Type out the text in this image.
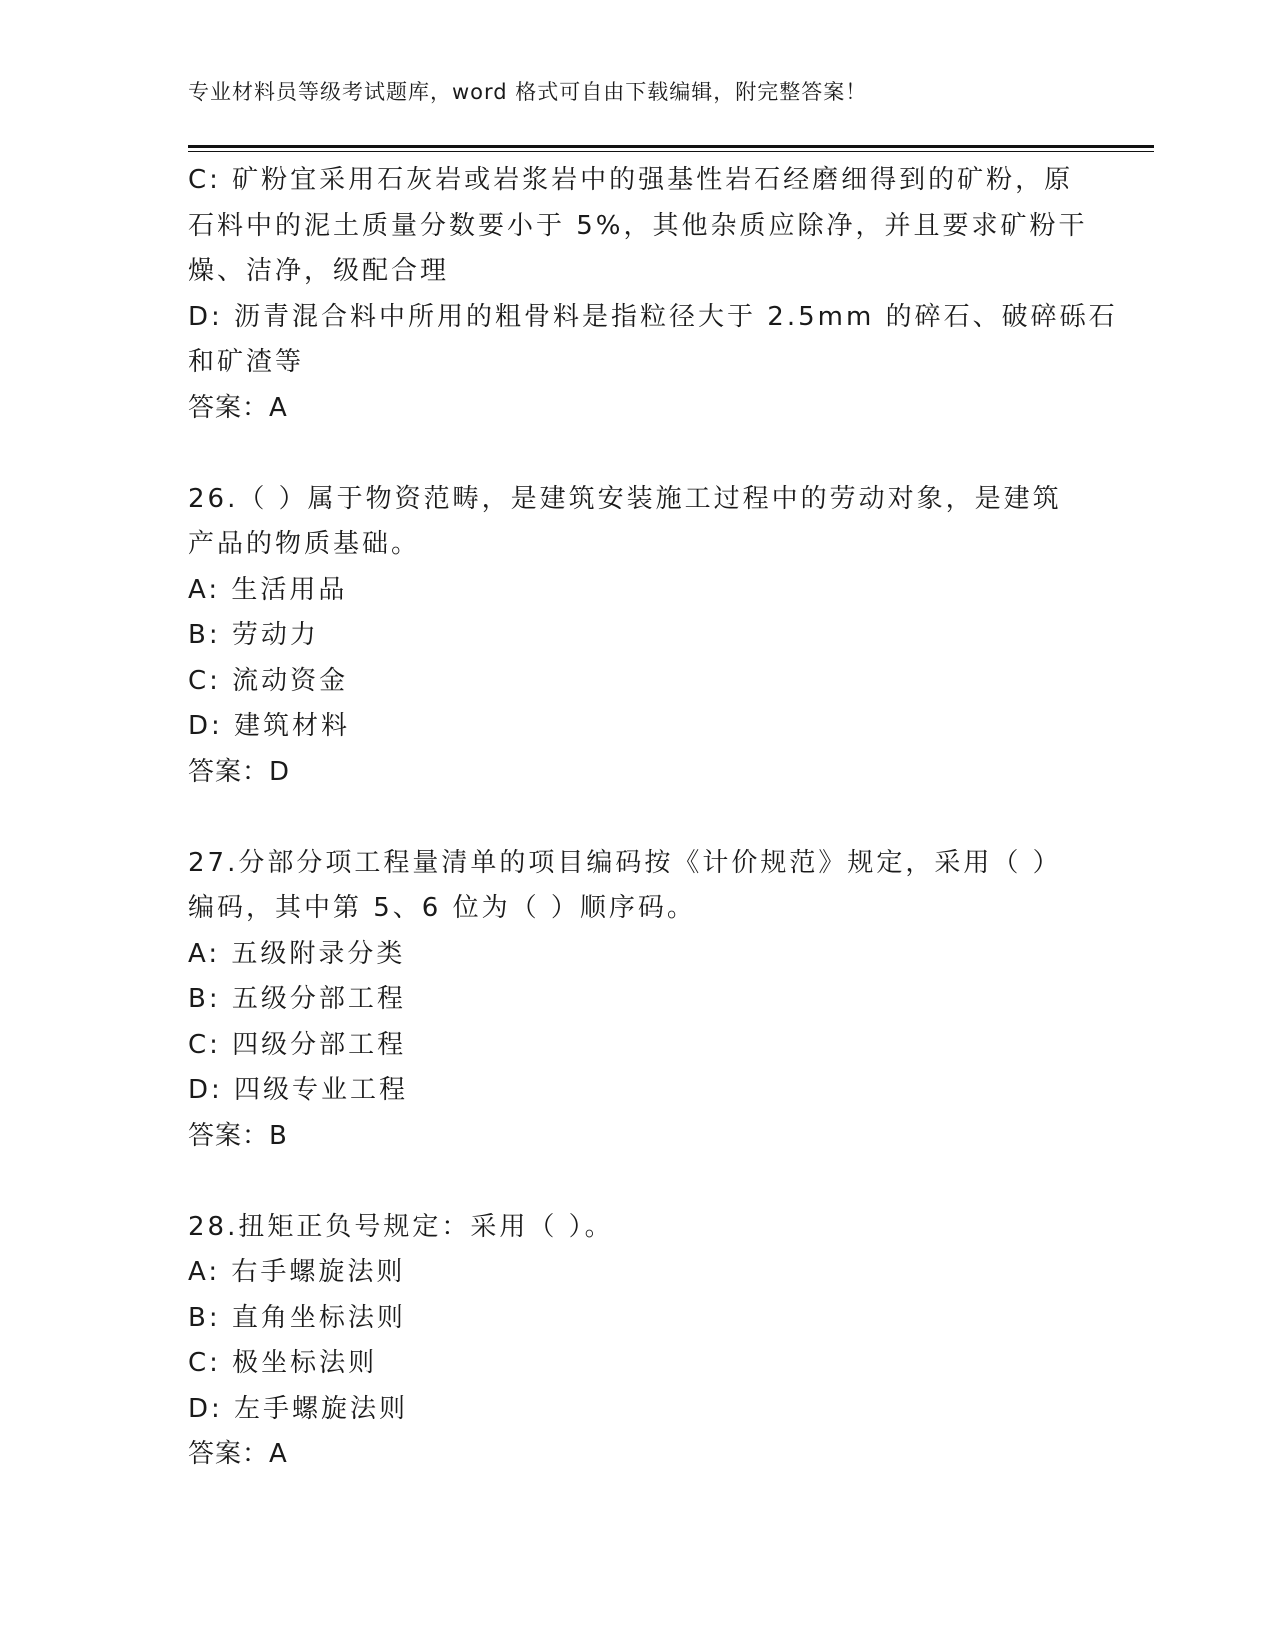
专业材料员等级考试题库，word 格式可自由下载编辑，附完整答案！
C: 矿粉宜采用石灰岩或岩浆岩中的强基性岩石经磨细得到的矿粉，原
石料中的泥土质量分数要小于 5%，其他杂质应除净，并且要求矿粉干
燥、洁净，级配合理
D: 沥青混合料中所用的粗骨料是指粒径大于 2.5mm 的碎石、破碎砾石
和矿渣等
答案：A
26.（ ）属于物资范畴，是建筑安装施工过程中的劳动对象，是建筑
产品的物质基础。
A: 生活用品
B: 劳动力
C: 流动资金
D: 建筑材料
答案：D
27.分部分项工程量清单的项目编码按《计价规范》规定，采用（ ）
编码，其中第 5、6 位为（ ）顺序码。
A: 五级附录分类
B: 五级分部工程
C: 四级分部工程
D: 四级专业工程
答案：B
28.扭矩正负号规定：采用（ ）。
A: 右手螺旋法则
B: 直角坐标法则
C: 极坐标法则
D: 左手螺旋法则
答案：A
